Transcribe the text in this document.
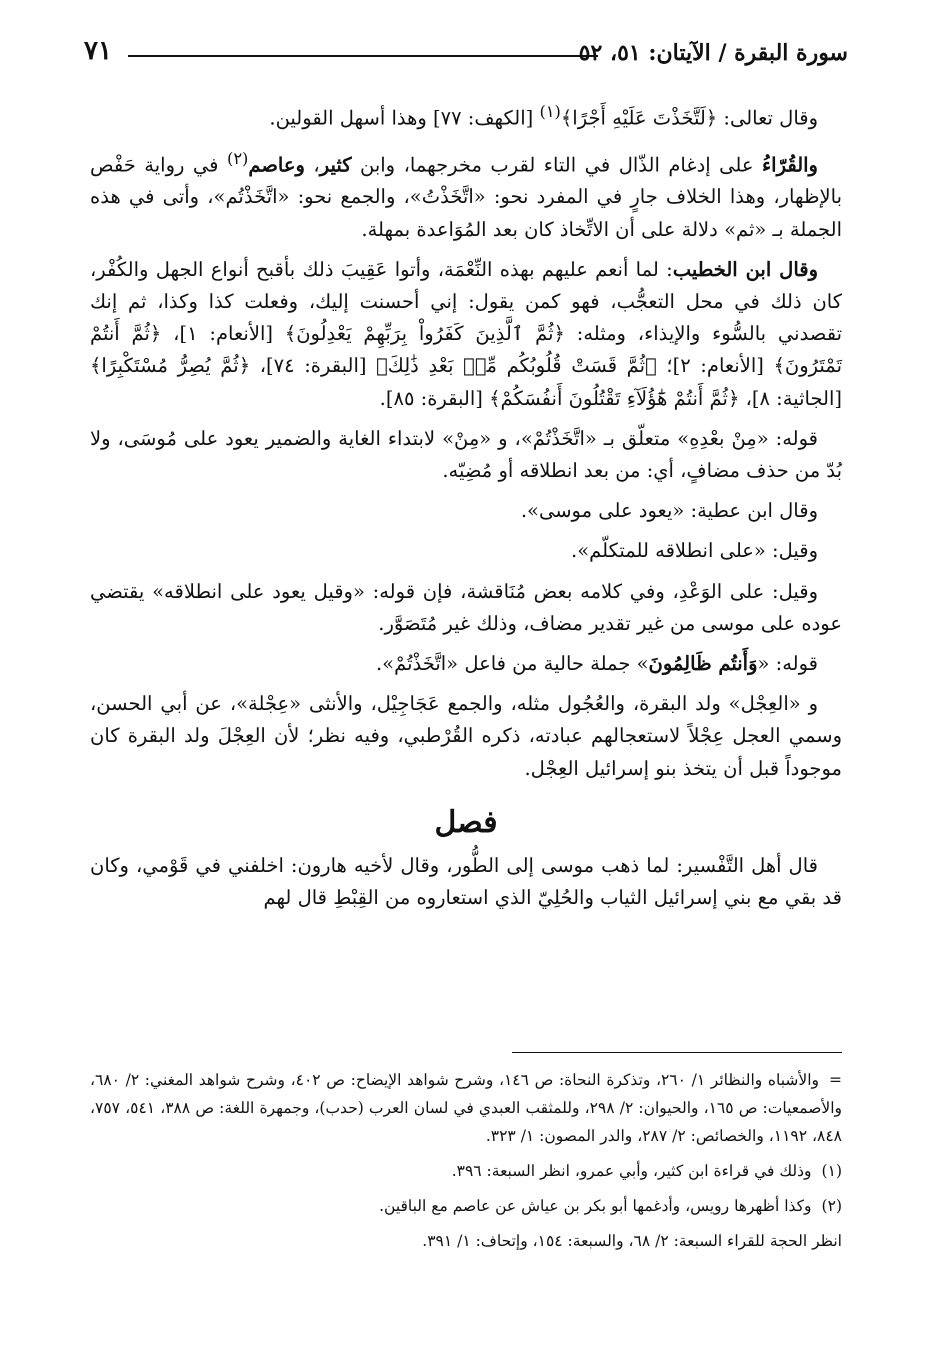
سورة البقرة / الآيتان: ٥١، ٥٢
٧١

وقال تعالى: ﴿لَتَّخَذْتَ عَلَيْهِ أَجْرًا﴾$^{(١)}$ [الكهف: ٧٧] وهذا أسهل القولين.

والقُرّاءُ على إدغام الذّال في التاء لقرب مخرجهما، وابن كثير، وعاصم$^{(٢)}$ في رواية حَفْص بالإظهار، وهذا الخلاف جارٍ في المفرد نحو: «اتَّخَذْتُ»، والجمع نحو: «اتَّخَذْتُم»، وأتى في هذه الجملة بـ «ثم» دلالة على أن الاتِّخاذ كان بعد المُوَاعدة بمهلة.

وقال ابن الخطيب: لما أنعم عليهم بهذه النِّعْمَة، وأتوا عَقِيبَ ذلك بأقبح أنواع الجهل والكُفْر، كان ذلك في محل التعجُّب، فهو كمن يقول: إني أحسنت إليك، وفعلت كذا وكذا، ثم إنك تقصدني بالسُّوء والإيذاء، ومثله: ﴿ثُمَّ ٱلَّذِينَ كَفَرُواْ بِرَبِّهِمْ يَعْدِلُونَ﴾ [الأنعام: ١]، ﴿ثُمَّ أَنتُمْ تَمْتَرُونَ﴾ [الأنعام: ٢]؛ ﴿ثُمَّ قَسَتْ قُلُوبُكُم مِّنۢ بَعْدِ ذَٰلِكَ﴾ [البقرة: ٧٤]، ﴿ثُمَّ يُصِرُّ مُسْتَكْبِرًا﴾ [الجاثية: ٨]، ﴿ثُمَّ أَنتُمْ هَٰٓؤُلَآءِ تَقْتُلُونَ أَنفُسَكُمْ﴾ [البقرة: ٨٥].

قوله: «مِنْ بعْدِهِ» متعلّق بـ «اتَّخَذْتُمْ»، و «مِنْ» لابتداء الغاية والضمير يعود على مُوسَى، ولا بُدّ من حذف مضافٍ، أي: من بعد انطلاقه أو مُضِيّه.

وقال ابن عطية: «يعود على موسى».

وقيل: «على انطلاقه للمتكلّم».

وقيل: على الوَعْدِ، وفي كلامه بعض مُنَاقشة، فإن قوله: «وقيل يعود على انطلاقه» يقتضي عوده على موسى من غير تقدير مضاف، وذلك غير مُتَصَوَّر.

قوله: «وَأَنتُم ظَالِمُونَ» جملة حالية من فاعل «اتَّخَذْتُمْ».

و «العِجْل» ولد البقرة، والعُجُول مثله، والجمع عَجَاجِيْل، والأنثى «عِجْلة»، عن أبي الحسن، وسمي العجل عِجْلاً لاستعجالهم عبادته، ذكره القُرْطبي، وفيه نظر؛ لأن العِجْلَ ولد البقرة كان موجوداً قبل أن يتخذ بنو إسرائيل العِجْل.

فصل

قال أهل التَّفْسير: لما ذهب موسى إلى الطُّور، وقال لأخيه هارون: اخلفني في قَوْمي، وكان قد بقي مع بني إسرائيل الثياب والحُلِيّ الذي استعاروه من القِبْطِ قال لهم

=والأشباه والنظائر ١/ ٢٦٠، وتذكرة النحاة: ص ١٤٦، وشرح شواهد الإيضاح: ص ٤٠٢، وشرح شواهد المغني: ٢/ ٦٨٠، والأصمعيات: ص ١٦٥، والحيوان: ٢/ ٢٩٨، وللمثقب العبدي في لسان العرب (حدب)، وجمهرة اللغة: ص ٣٨٨، ٥٤١، ٧٥٧، ٨٤٨، ١١٩٢، والخصائص: ٢/ ٢٨٧، والدر المصون: ١/ ٣٢٣.

(١)وذلك في قراءة ابن كثير، وأبي عمرو، انظر السبعة: ٣٩٦.

(٢)وكذا أظهرها رويس، وأدغمها أبو بكر بن عياش عن عاصم مع الباقين.

انظر الحجة للقراء السبعة: ٢/ ٦٨، والسبعة: ١٥٤، وإتحاف: ١/ ٣٩١.
